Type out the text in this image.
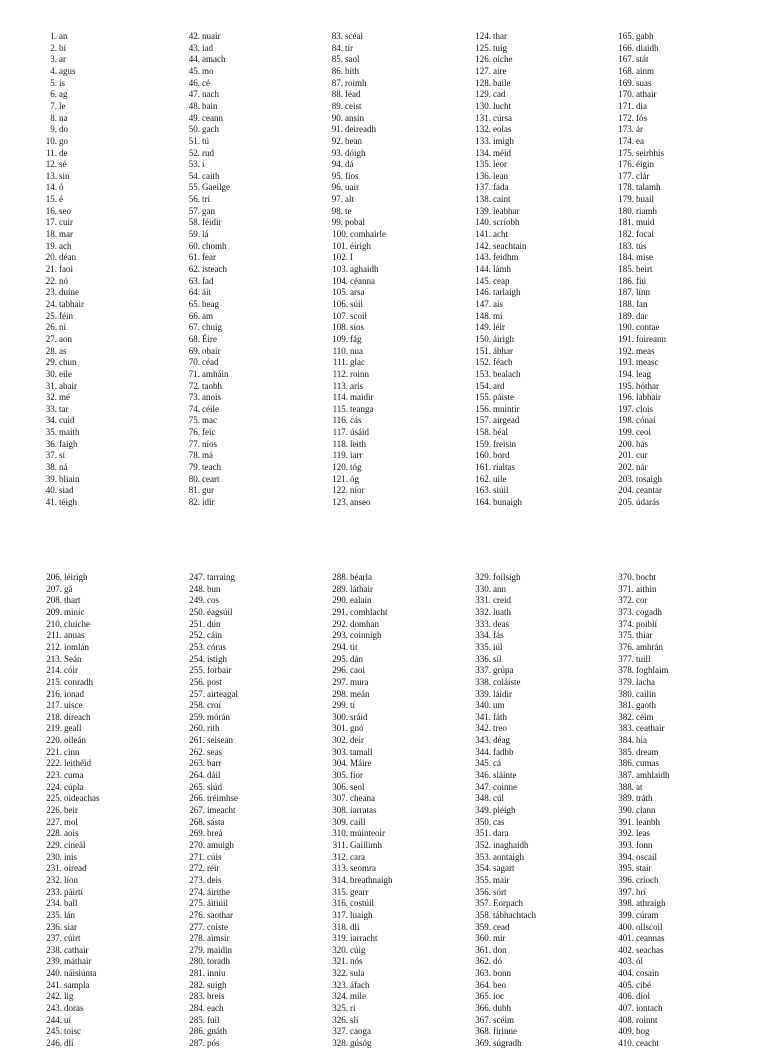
1. an
2. bí
3. ar
4. agus
5. is
6. ag
7. le
8. na
9. do
10. go
11. de
12. sé
13. sin
14. ó
15. é
16. seo
17. cuir
18. mar
19. ach
20. déan
21. faoi
22. nó
23. duine
24. tabhair
25. féin
26. ní
27. aon
28. as
29. chun
30. eile
31. abair
32. mé
33. tar
34. cuid
35. maith
36. faigh
37. sí
38. ná
39. bliain
40. siad
41. téigh
42. nuair
43. iad
44. amach
45. mo
46. cé
47. nach
48. bain
49. ceann
50. gach
51. tú
52. rud
53. í
54. caith
55. Gaeilge
56. trí
57. gan
58. féidir
59. lá
60. chomh
61. fear
62. isteach
63. fad
64. áit
65. beag
66. am
67. chuig
68. Éire
69. obair
70. céad
71. amháin
72. taobh
73. anois
74. céile
75. mac
76. feic
77. níos
78. má
79. teach
80. ceart
81. gur
82. idir
83. scéal
84. tír
85. saol
86. bíth
87. roimh
88. féad
89. ceist
90. ansin
91. deireadh
92. bean
93. dóigh
94. dá
95. fios
96. uair
97. alt
98. te
99. pobal
100. comhairle
101. éirigh
102. I
103. aghaidh
104. céanna
105. arsa
106. súil
107. scoil
108. síos
109. fág
110. nua
111. glac
112. roinn
113. arís
114. maidir
115. teanga
116. cás
117. úsáid
118. leith
119. iarr
120. tóg
121. óg
122. níor
123. anseo
124. thar
125. tuig
126. oíche
127. aire
128. baile
129. cad
130. lucht
131. cúrsa
132. eolas
133. imigh
134. méid
135. leor
136. lean
137. fada
138. caint
139. leabhar
140. scríobh
141. acht
142. seachtain
143. feidhm
144. lámh
145. ceap
146. tarlaigh
147. ais
148. mí
149. léir
150. áirigh
151. ábhar
152. féach
153. bealach
154. ard
155. páiste
156. muintir
157. airgead
158. béal
159. freisin
160. bord
161. rialtas
162. uile
163. siúil
164. bunaigh
165. gabh
166. diaidh
167. stát
168. ainm
169. suas
170. athair
171. dia
172. fós
173. ár
174. ea
175. seirbhís
176. éigin
177. clár
178. talamh
179. buail
180. riamh
181. muid
182. focal
183. tús
184. mise
185. beirt
186. fiú
187. línn
188. fan
189. dar
190. contae
191. foireann
192. meas
193. measc
194. leag
195. bóthar
196. labhair
197. clois
198. cónaí
199. ceol
200. bás
201. cur
202. nár
203. tosaigh
204. ceantar
205. údarás
206. léirigh
207. gá
208. thart
209. minic
210. cluiche
211. anuas
212. iomlán
213. Seán
214. cóir
215. conradh
216. ionad
217. uisce
218. díreach
219. geall
220. oileán
221. cinn
222. leithéid
223. cuma
224. cúpla
225. oideachas
226. beir
227. mol
228. aois
229. cineál
230. inis
231. oiread
232. líon
233. páirtí
234. ball
235. lán
236. siar
237. cúirt
238. cathair
239. máthair
240. náisiúnta
241. sampla
242. lig
243. doras
244. uí
245. toisc
246. dlí
247. tarraing
248. bun
249. cos
250. éagsúil
251. dún
252. cáin
253. córas
254. istigh
255. forbair
256. post
257. airteagal
258. croí
259. mórán
260. rith
261. seisean
262. seas
263. barr
264. dáil
265. siúd
266. tréimhse
267. imeacht
268. sásta
269. breá
270. amuigh
271. cúis
272. réir
273. deis
274. áirithe
275. áitiúil
276. saothar
277. coiste
278. aimsir
279. maidin
280. toradh
281. inniu
282. suigh
283. breis
284. each
285. fuil
286. gnáth
287. pós
288. béarla
289. láthair
290. ealaín
291. comhlacht
292. domhan
293. coinnigh
294. tit
295. dán
296. caoi
297. mura
298. meán
299. tí
300. sráid
301. gnó
302. deir
303. tamall
304. Máire
305. fíor
306. seol
307. cheana
308. iarratas
309. caill
310. múinteoir
311. Gaillimh
312. cara
313. seomra
314. breathnaigh
315. gearr
316. costúil
317. luaigh
318. dlí
319. iarracht
320. cúig
321. nós
322. sula
323. áfach
324. míle
325. rí
326. slí
327. caoga
328. gúsóg
329. foilsigh
330. ann
331. creid
332. luath
333. deas
334. fás
335. iúl
336. síl
337. grúpa
338. coláiste
339. láidir
340. um
341. fáth
342. treo
343. déag
344. fadhb
345. cá
346. sláinte
347. coinne
348. cúl
349. pléigh
350. cas
351. dara
352. inaghaidh
353. aontaigh
354. sagart
355. mair
356. sórt
357. Eorpach
358. tábhachtach
359. cead
360. mír
361. don
362. dó
363. bonn
364. beo
365. íoc
366. dubh
367. scéim
368. fírinne
369. súgradh
370. bocht
371. aithin
372. cor
373. cogadh
374. poiblí
375. thiar
376. amhrán
377. tuill
378. foghlaim
379. lacha
380. cailín
381. gaoth
382. céim
383. ceathair
384. bia
385. dream
386. cumas
387. amhlaidh
388. at
389. tráth
390. clann
391. leanbh
392. leas
393. fonn
394. oscail
395. stair
396. críoch
397. brí
398. athraigh
399. cúram
400. ollscoil
401. ceannas
402. seachas
403. ól
404. cosain
405. cibé
406. díol
407. iontach
408. roinnt
409. bog
410. ceacht
